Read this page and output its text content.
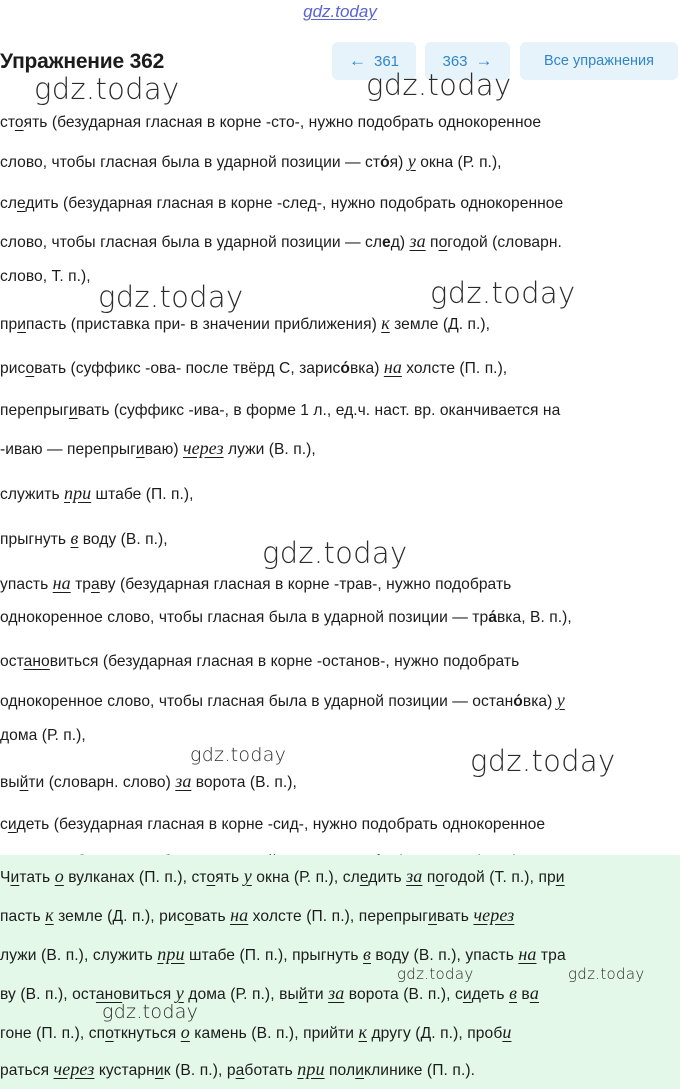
gdz.today
Упражнение 362	← 361	363 →	Все упражнения
стоять (безударная гласная в корне -сто-, нужно подобрать однокоренное
слово, чтобы гласная была в ударной позиции — сто́я) у окна (Р. п.),
следить (безударная гласная в корне -след-, нужно подобрать однокоренное
слово, чтобы гласная была в ударной позиции — след) за погодой (словарн.
слово, Т. п.),
припасть (приставка при- в значении приближения) к земле (Д. п.),
рисовать (суффикс -ова- после твёрд С, зарисо́вка) на холсте (П. п.),
перепрыгивать (суффикс -ива-, в форме 1 л., ед.ч. наст. вр. оканчивается на
-иваю — перепрыгиваю) через лужи (В. п.),
служить при штабе (П. п.),
прыгнуть в воду (В. п.),
упасть на траву (безударная гласная в корне -трав-, нужно подобрать
однокоренное слово, чтобы гласная была в ударной позиции — тра́вка, В. п.),
остановиться (безударная гласная в корне -останов-, нужно подобрать
однокоренное слово, чтобы гласная была в ударной позиции — остано́вка) у
дома (Р. п.),
выйти (словарн. слово) за ворота (В. п.),
сидеть (безударная гласная в корне -сид-, нужно подобрать однокоренное
Читать о вулканах (П. п.), стоять у окна (Р. п.), следить за погодой (Т. п.), при
пасть к земле (Д. п.), рисовать на холсте (П. п.), перепрыгивать через
лужи (В. п.), служить при штабе (П. п.), прыгнуть в воду (В. п.), упасть на тра
ву (В. п.), остановиться у дома (Р. п.), выйти за ворота (В. п.), сидеть в ва
гоне (П. п.), споткнуться о камень (В. п.), прийти к другу (Д. п.), проби
раться через кустарник (В. п.), работать при поликлинике (П. п.).
gdz.today	gdz.today
gdz.today	gdz.today
gdz.today
gdz.today	gdz.today
gdz.today	gdz.today
gdz.today
